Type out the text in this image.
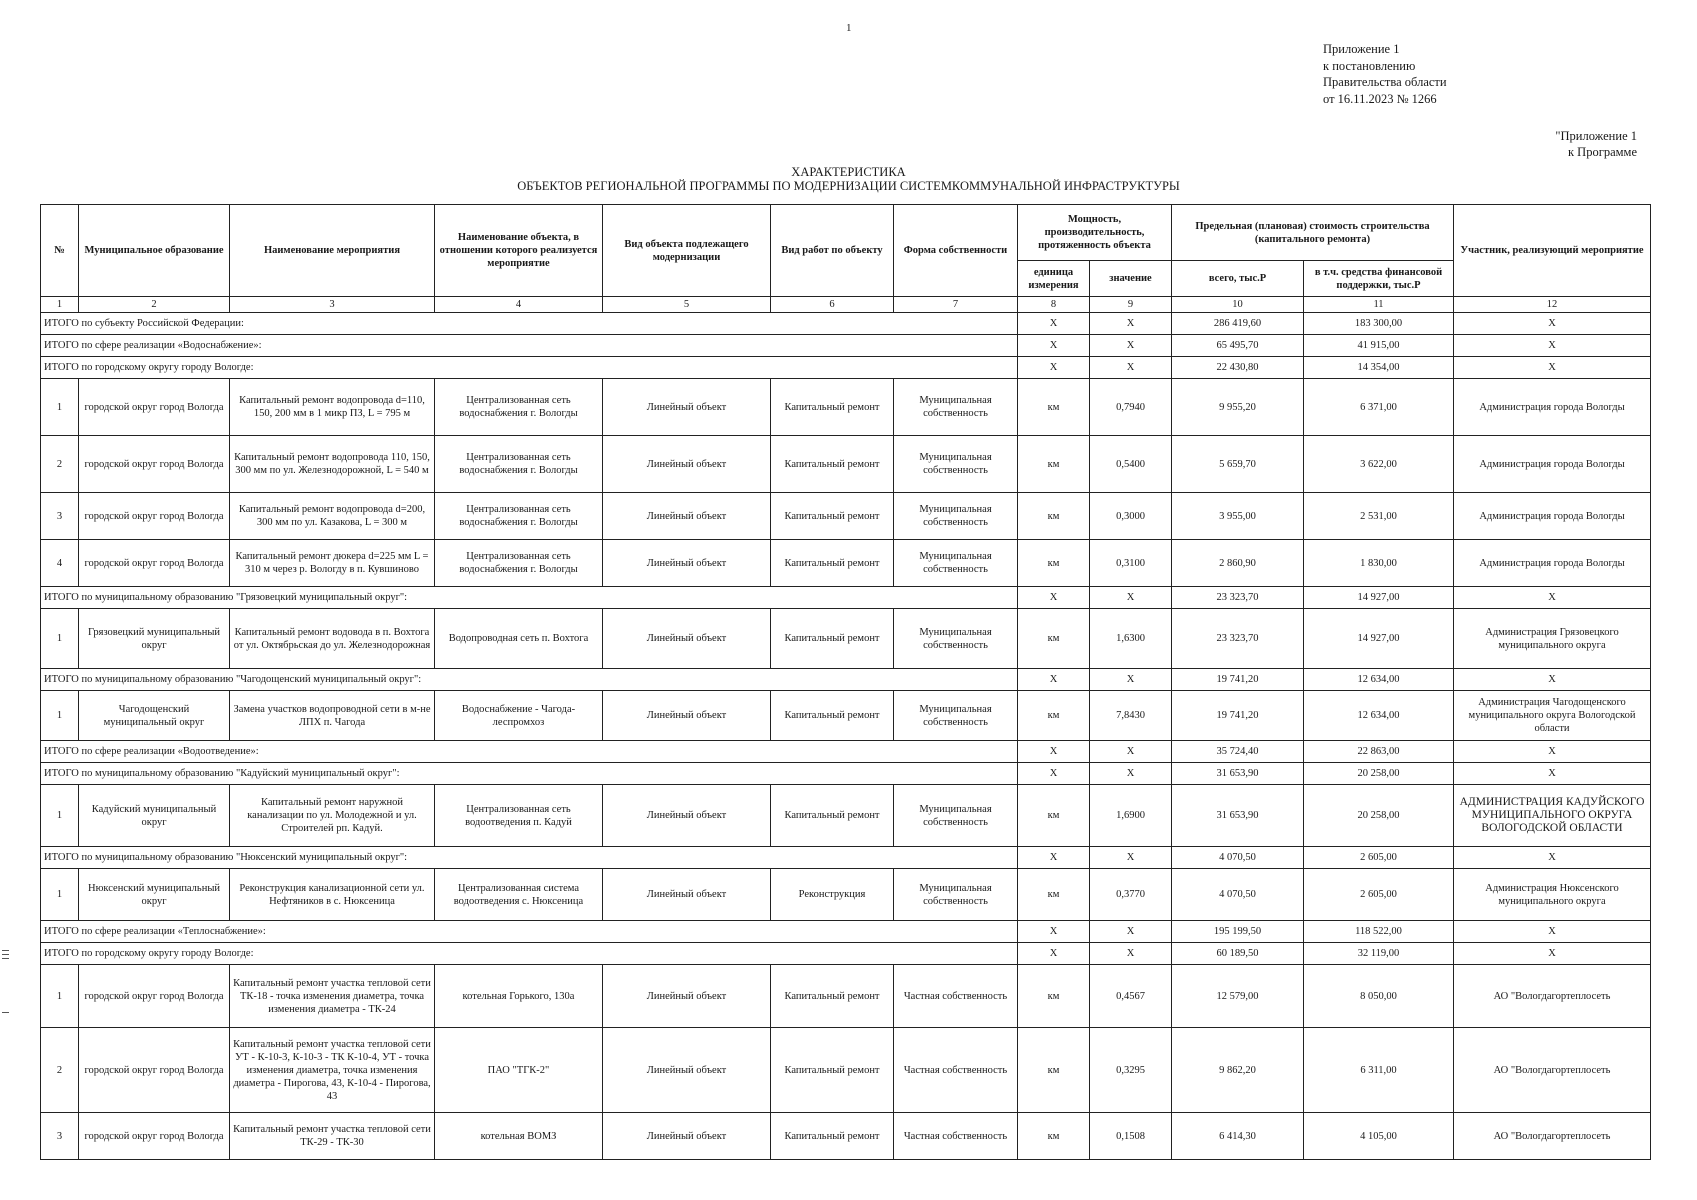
1
Приложение 1
к постановлению
Правительства области
от 16.11.2023 № 1266
"Приложение 1
к Программе
ХАРАКТЕРИСТИКА
ОБЪЕКТОВ РЕГИОНАЛЬНОЙ ПРОГРАММЫ ПО МОДЕРНИЗАЦИИ СИСТЕМКОММУНАЛЬНОЙ ИНФРАСТРУКТУРЫ
№	Муниципальное образование	Наименование мероприятия	Наименование объекта, в отношении которого реализуется мероприятие	Вид объекта подлежащего модернизации	Вид работ по объекту	Форма собственности	Мощность, производительность, протяженность объекта		Предельная (плановая) стоимость строительства (капитального ремонта)		Участник, реализующий мероприятие
							единица измерения	значение	всего, тыс.Р	в т.ч. средства финансовой поддержки, тыс.Р	
1	2	3	4	5	6	7	8	9	10	11	12
ИТОГО по субъекту Российской Федерации:							X	X	286 419,60	183 300,00	X
ИТОГО по сфере реализации «Водоснабжение»:							X	X	65 495,70	41 915,00	X
ИТОГО по городскому округу городу Вологде:							X	X	22 430,80	14 354,00	X
1	городской округ город Вологда	Капитальный ремонт водопровода d=110, 150, 200 мм в 1 микр ПЗ, L = 795 м	Централизованная сеть водоснабжения г. Вологды	Линейный объект	Капитальный ремонт	Муниципальная собственность	км	0,7940	9 955,20	6 371,00	Администрация города Вологды
2	городской округ город Вологда	Капитальный ремонт водопровода 110, 150, 300 мм по ул. Железнодорожной, L = 540 м	Централизованная сеть водоснабжения г. Вологды	Линейный объект	Капитальный ремонт	Муниципальная собственность	км	0,5400	5 659,70	3 622,00	Администрация города Вологды
3	городской округ город Вологда	Капитальный ремонт водопровода d=200, 300 мм по ул. Казакова, L = 300 м	Централизованная сеть водоснабжения г. Вологды	Линейный объект	Капитальный ремонт	Муниципальная собственность	км	0,3000	3 955,00	2 531,00	Администрация города Вологды
4	городской округ город Вологда	Капитальный ремонт дюкера d=225 мм L = 310 м через р. Вологду в п. Кувшиново	Централизованная сеть водоснабжения г. Вологды	Линейный объект	Капитальный ремонт	Муниципальная собственность	км	0,3100	2 860,90	1 830,00	Администрация города Вологды
ИТОГО по муниципальному образованию "Грязовецкий муниципальный округ":							X	X	23 323,70	14 927,00	X
1	Грязовецкий муниципальный округ	Капитальный ремонт водовода в п. Вохтога от ул. Октябрьская до ул. Железнодорожная	Водопроводная сеть п. Вохтога	Линейный объект	Капитальный ремонт	Муниципальная собственность	км	1,6300	23 323,70	14 927,00	Администрация Грязовецкого муниципального округа
ИТОГО по муниципальному образованию "Чагодощенский муниципальный округ":							X	X	19 741,20	12 634,00	X
1	Чагодощенский муниципальный округ	Замена участков водопроводной сети в м-не ЛПХ п. Чагода	Водоснабжение - Чагода-леспромхоз	Линейный объект	Капитальный ремонт	Муниципальная собственность	км	7,8430	19 741,20	12 634,00	Администрация Чагодощенского муниципального округа Вологодской области
ИТОГО по сфере реализации «Водоотведение»:							X	X	35 724,40	22 863,00	X
ИТОГО по муниципальному образованию "Кадуйский муниципальный округ":							X	X	31 653,90	20 258,00	X
1	Кадуйский муниципальный округ	Капитальный ремонт наружной канализации по ул. Молодежной и ул. Строителей рп. Кадуй.	Централизованная сеть водоотведения п. Кадуй	Линейный объект	Капитальный ремонт	Муниципальная собственность	км	1,6900	31 653,90	20 258,00	АДМИНИСТРАЦИЯ КАДУЙСКОГО МУНИЦИПАЛЬНОГО ОКРУГА ВОЛОГОДСКОЙ ОБЛАСТИ
ИТОГО по муниципальному образованию "Нюксенский муниципальный округ":							X	X	4 070,50	2 605,00	X
1	Нюксенский муниципальный округ	Реконструкция канализационной сети ул. Нефтяников в с. Нюксеница	Централизованная система водоотведения с. Нюксеница	Линейный объект	Реконструкция	Муниципальная собственность	км	0,3770	4 070,50	2 605,00	Администрация Нюксенского муниципального округа
ИТОГО по сфере реализации «Теплоснабжение»:							X	X	195 199,50	118 522,00	X
ИТОГО по городскому округу городу Вологде:							X	X	60 189,50	32 119,00	X
1	городской округ город Вологда	Капитальный ремонт участка тепловой сети ТК-18 - точка изменения диаметра, точка изменения диаметра - ТК-24	котельная Горького, 130а	Линейный объект	Капитальный ремонт	Частная собственность	км	0,4567	12 579,00	8 050,00	АО "Вологдагортеплосеть
2	городской округ город Вологда	Капитальный ремонт участка тепловой сети УТ - К-10-3, К-10-3 - ТК К-10-4, УТ - точка изменения диаметра, точка изменения диаметра - Пирогова, 43, К-10-4 - Пирогова, 43	ПАО "ТГК-2"	Линейный объект	Капитальный ремонт	Частная собственность	км	0,3295	9 862,20	6 311,00	АО "Вологдагортеплосеть
3	городской округ город Вологда	Капитальный ремонт участка тепловой сети ТК-29 - ТК-30	котельная ВОМЗ	Линейный объект	Капитальный ремонт	Частная собственность	км	0,1508	6 414,30	4 105,00	АО "Вологдагортеплосеть
